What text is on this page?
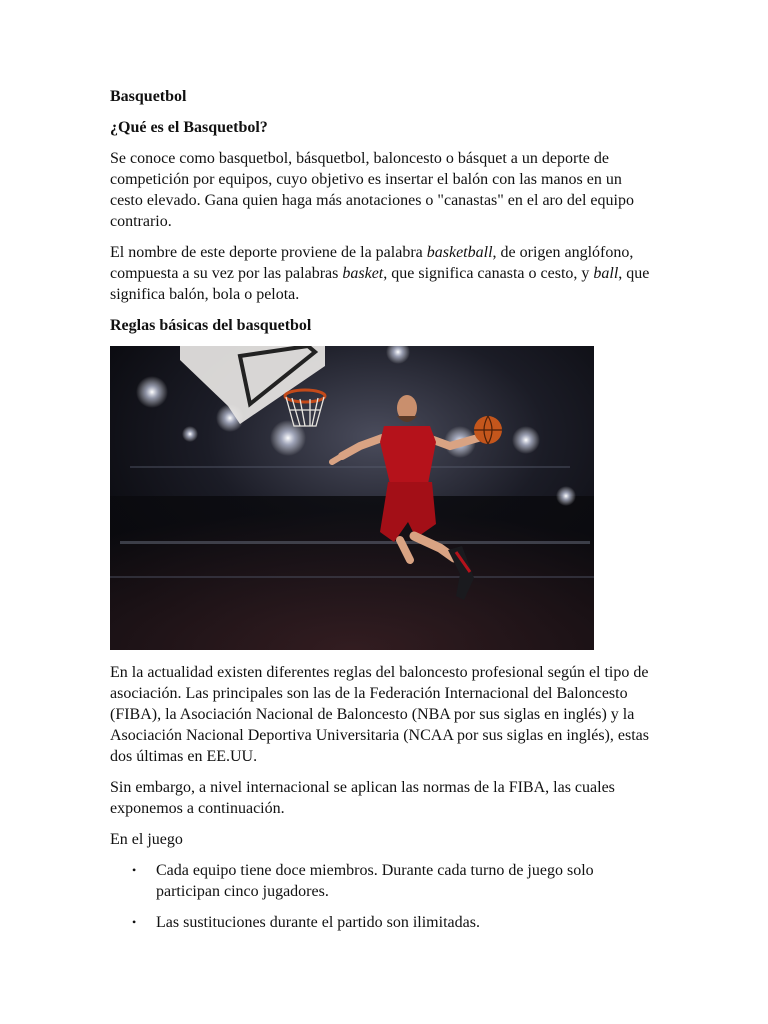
Basquetbol
¿Qué es el Basquetbol?

Se conoce como basquetbol, básquetbol, baloncesto o básquet a un deporte de competición por equipos, cuyo objetivo es insertar el balón con las manos en un cesto elevado. Gana quien haga más anotaciones o "canastas" en el aro del equipo contrario.

El nombre de este deporte proviene de la palabra basketball, de origen anglófono, compuesta a su vez por las palabras basket, que significa canasta o cesto, y ball, que significa balón, bola o pelota.

Reglas básicas del basquetbol

En la actualidad existen diferentes reglas del baloncesto profesional según el tipo de asociación. Las principales son las de la Federación Internacional del Baloncesto (FIBA), la Asociación Nacional de Baloncesto (NBA por sus siglas en inglés) y la Asociación Nacional Deportiva Universitaria (NCAA por sus siglas en inglés), estas dos últimas en EE.UU.

Sin embargo, a nivel internacional se aplican las normas de la FIBA, las cuales exponemos a continuación.

En el juego

• Cada equipo tiene doce miembros. Durante cada turno de juego solo participan cinco jugadores.
• Las sustituciones durante el partido son ilimitadas.
